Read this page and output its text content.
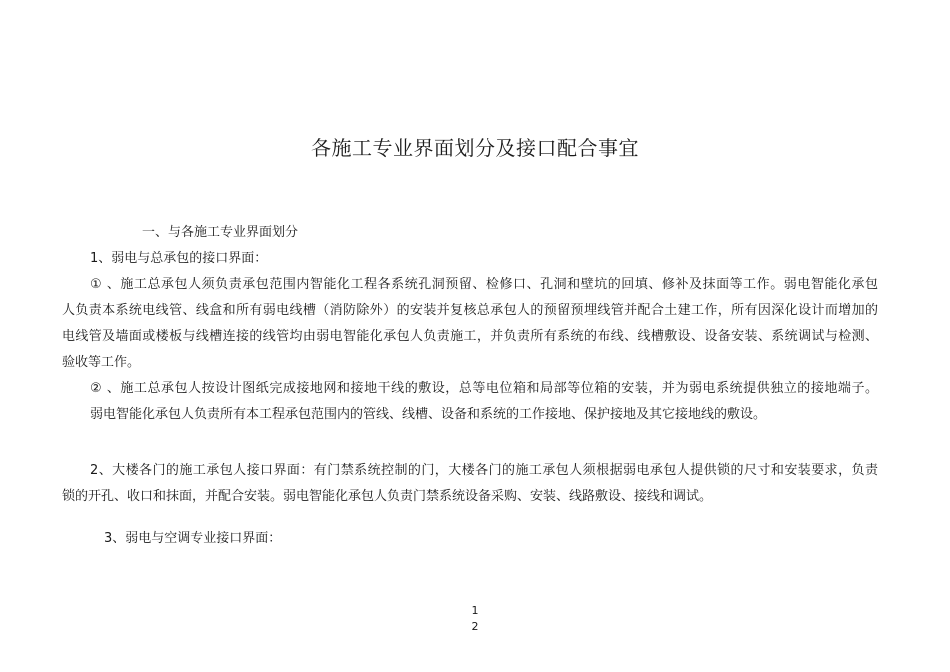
各施工专业界面划分及接口配合事宜
一、与各施工专业界面划分
1、弱电与总承包的接口界面：
① 、施工总承包人须负责承包范围内智能化工程各系统孔洞预留、检修口、孔洞和壁坑的回填、修补及抹面等工作。弱电智能化承包
人负责本系统电线管、线盒和所有弱电线槽（消防除外）的安装并复核总承包人的预留预埋线管并配合土建工作，所有因深化设计而增加的
电线管及墙面或楼板与线槽连接的线管均由弱电智能化承包人负责施工，并负责所有系统的布线、线槽敷设、设备安装、系统调试与检测、
验收等工作。
② 、施工总承包人按设计图纸完成接地网和接地干线的敷设，总等电位箱和局部等位箱的安装，并为弱电系统提供独立的接地端子。
弱电智能化承包人负责所有本工程承包范围内的管线、线槽、设备和系统的工作接地、保护接地及其它接地线的敷设。
2、大楼各门的施工承包人接口界面：有门禁系统控制的门，大楼各门的施工承包人须根据弱电承包人提供锁的尺寸和安装要求，负责
锁的开孔、收口和抹面，并配合安装。弱电智能化承包人负责门禁系统设备采购、安装、线路敷设、接线和调试。
3、弱电与空调专业接口界面：
1
2
